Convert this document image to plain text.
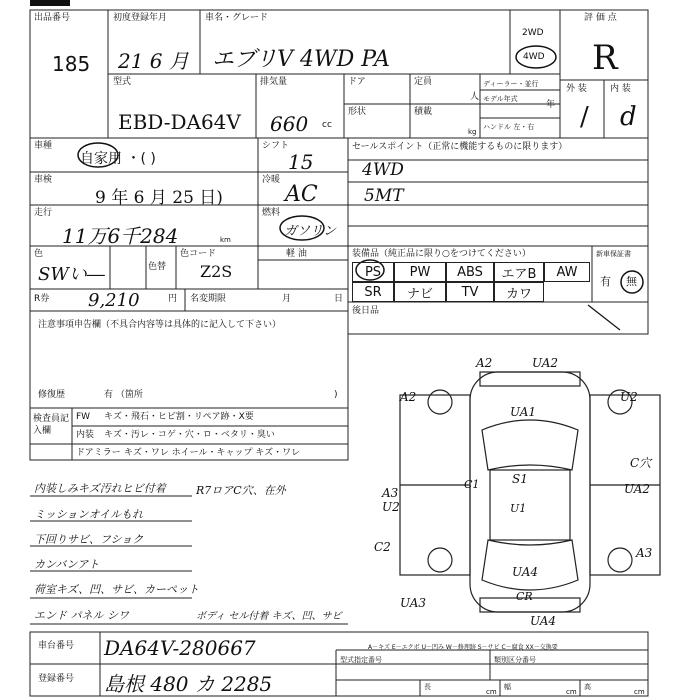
出品番号
185
初度登録年月
21 6 月
車名・グレード
エブリV 4WD PA
2WD
4WD
評 価 点
R
型式
EBD-DA64V
排気量
660 cc
ドア	定員
人
ディーラー・並行
モデル年式
年
形状	積載
kg
ハンドル 左・右
外 装	内 装
/ d
車種
自家用 ・( )
シフト
15
車検
9 年 6 月 25 日)
冷暖
AC
走行
11万6千284	km
燃料
ガソリン
軽 油
色
SWい―	色替
色コード
Z2S
R券 9,210	円 名変期限	月	日
注意事項申告欄（不具合内容等は具体的に記入して下さい）
修復歴	有 （箇所	)
検査員記入欄
FW キズ・飛石・ヒビ割・リペア跡・X要
内装 キズ・汚レ・コゲ・穴・ロ・ベタリ・臭い
ドアミラー キズ・ワレ ホイール・キャップ キズ・ワレ
セールスポイント（正常に機能するものに限ります）
4WD
5MT
装備品（純正品に限り○をつけてください）	新車保証書
PS	PW	ABS	エアB	AW
SR	ナビ	TV	カワ
有 無
後日品
内装しみキズ汚れヒビ付着
ミッションオイルもれ
下回りサビ、フショク
カンバンアト
荷室キズ、凹、サビ、カーペット
エンド パネル シワ
R7ロアC穴、在外
ボディ セル付着 キズ、凹、サビ
A2	UA2
A2	U2
UA1
C穴
A3
U2
S1
C1
U1
UA2
C2	A3
UA4
CR
UA3
UA4
A－キズ E－エクボ U－凹み W－修理跡 S－サビ C－腐食 XX－交換要
車台番号 DA64V-280667
登録番号 島根 480 カ 2285
型式指定番号	類別区分番号
長
cm
幅
cm
高
cm
